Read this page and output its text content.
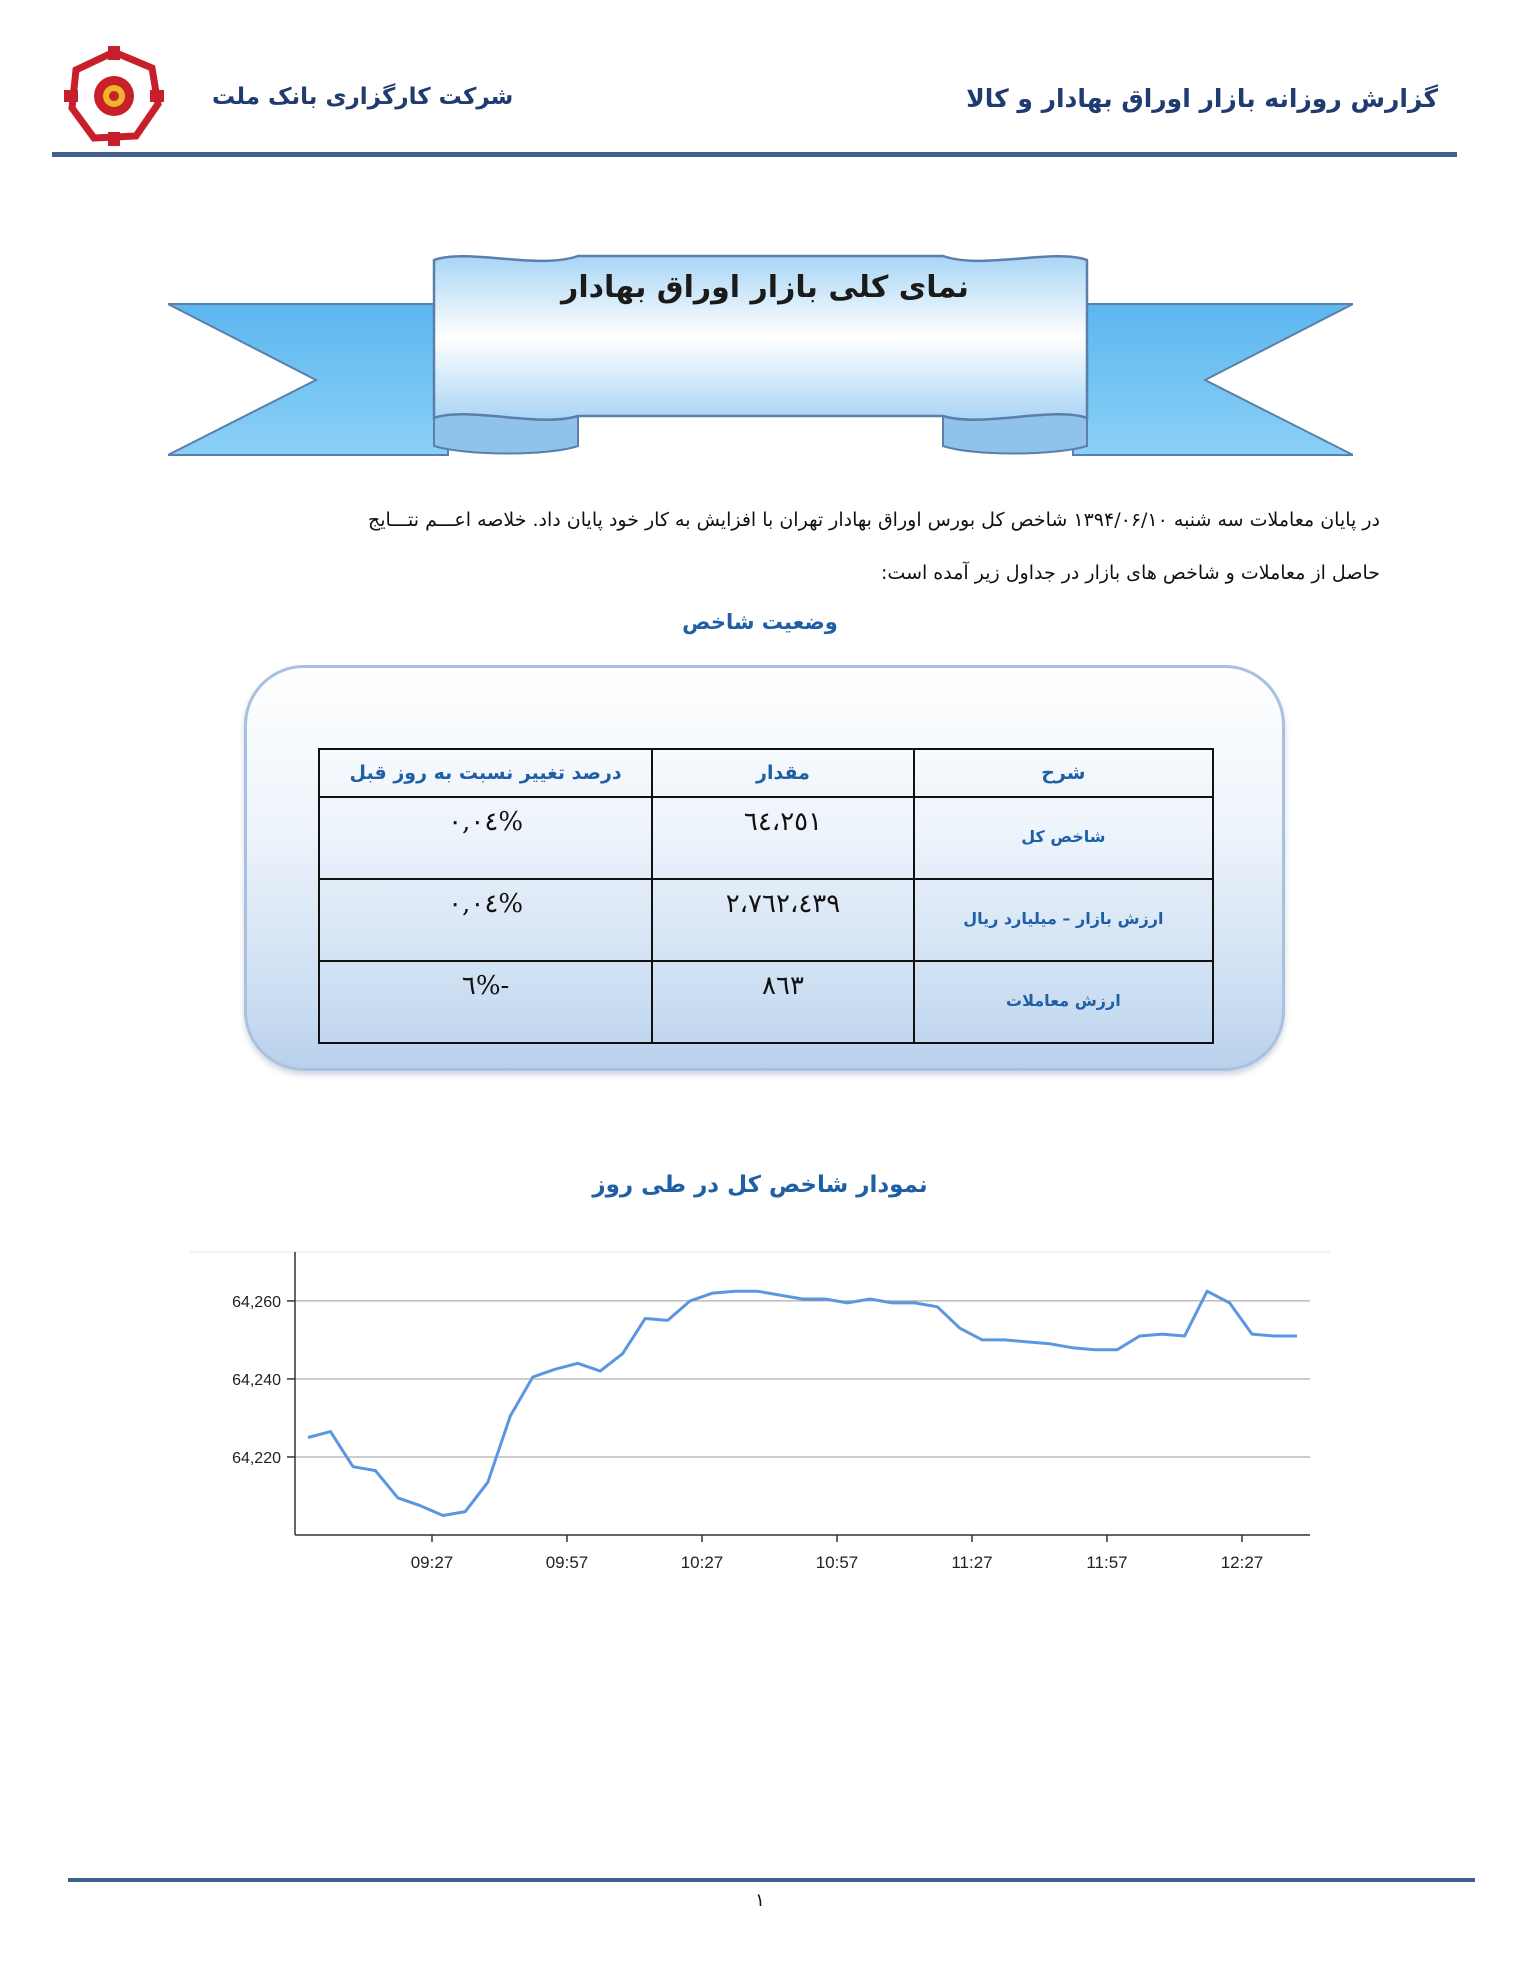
شرکت کارگزاری بانک ملت	گزارش روزانه بازار اوراق بهادار و کالا
نمای کلی بازار اوراق بهادار

در پایان معاملات سه شنبه ۱۳۹۴/۰۶/۱۰ شاخص کل بورس اوراق بهادار تهران با افزایش به کار خود پایان داد. خلاصه اعـــم نتـــایج

حاصل از معاملات و شاخص های بازار در جداول زیر آمده است:

وضعیت شاخص
شرح	مقدار	درصد تغییر نسبت به روز قبل

شاخص کل	٦٤،٢٥١	%٠,٠٤

ارزش بازار – میلیارد ریال	٢،٧٦٢،٤٣٩	%٠,٠٤

ارزش معاملات	٨٦٣	-%٦
نمودار شاخص کل در طی روز
64,220
64,240
64,260
09:27	09:57	10:27	10:57	11:27	11:57	12:27
١
